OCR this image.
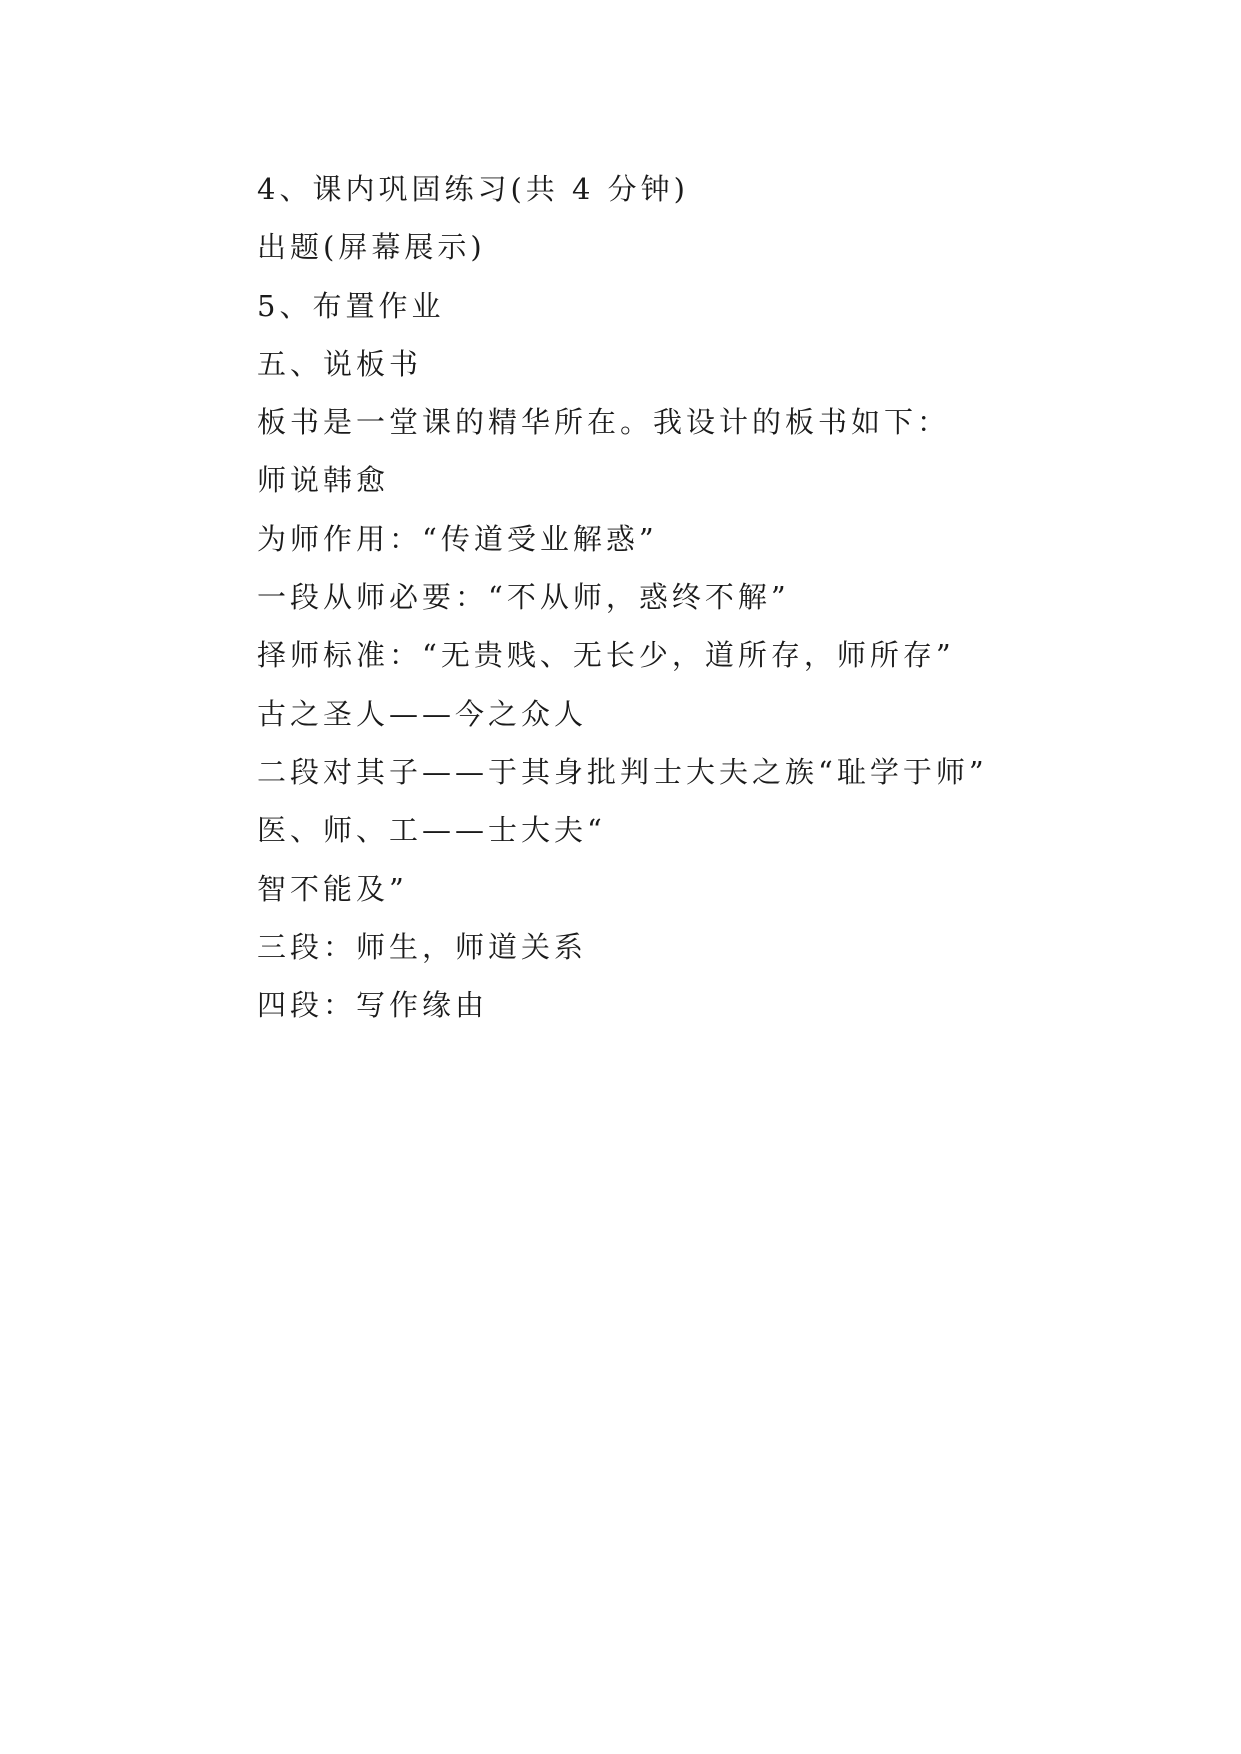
4、课内巩固练习(共 4 分钟)
出题(屏幕展示)
5、布置作业
五、说板书
板书是一堂课的精华所在。我设计的板书如下：
师说韩愈
为师作用：“传道受业解惑”
一段从师必要：“不从师，惑终不解”
择师标准：“无贵贱、无长少，道所存，师所存”
古之圣人——今之众人
二段对其子——于其身批判士大夫之族“耻学于师”
医、师、工——士大夫“
智不能及”
三段：师生，师道关系
四段：写作缘由
